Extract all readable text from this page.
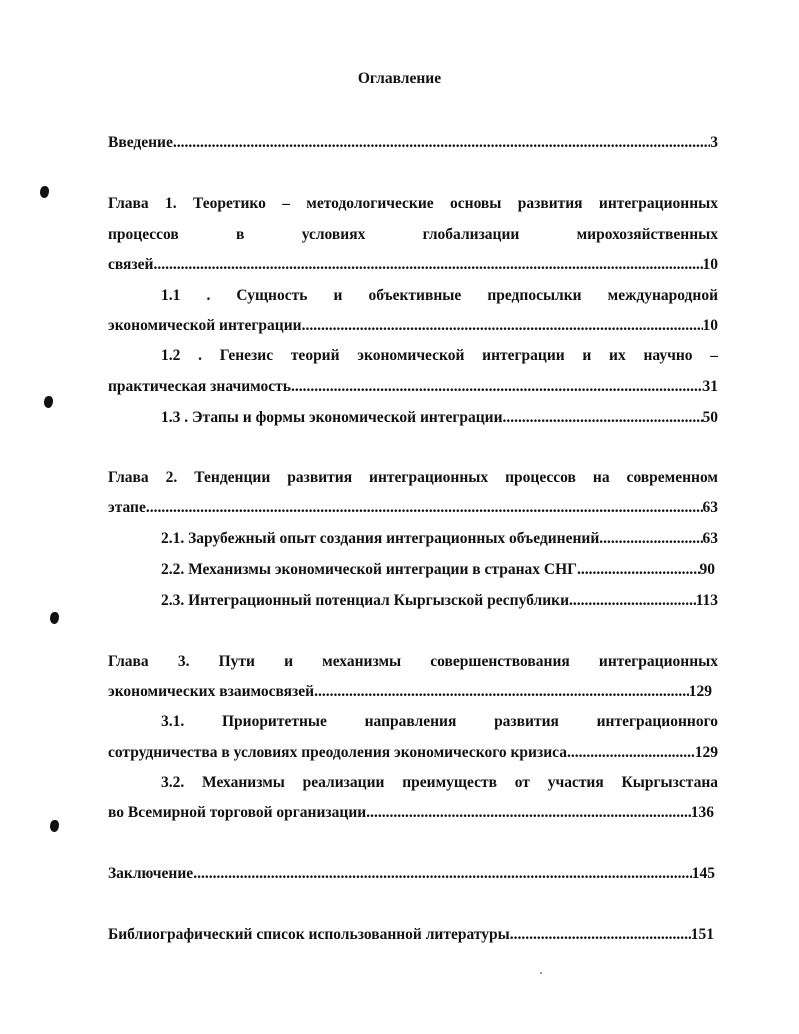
Оглавление
Введение .....	3
Глава 1. Теоретико – методологические основы развития интеграционных
процессов в условиях глобализации мирохозяйственных
связей .....	10
1.1 . Сущность и объективные предпосылки международной
экономической интеграции .....	10
1.2 . Генезис теорий экономической интеграции и их научно –
практическая значимость .....	31
1.3 . Этапы и формы экономической интеграции .....	50
Глава 2. Тенденции развития интеграционных процессов на современном
этапе .....	63
2.1. Зарубежный опыт создания интеграционных объединений .....	63
2.2. Механизмы экономической интеграции в странах СНГ .....	90
2.3. Интеграционный потенциал Кыргызской республики .....	113
Глава 3. Пути и механизмы совершенствования интеграционных
экономических взаимосвязей .....	129
3.1. Приоритетные направления развития интеграционного
сотрудничества в условиях преодоления экономического кризиса .....	129
3.2. Механизмы реализации преимуществ от участия Кыргызстана
во Всемирной торговой организации .....	136
Заключение .....	145
Библиографический список использованной литературы .....	151
